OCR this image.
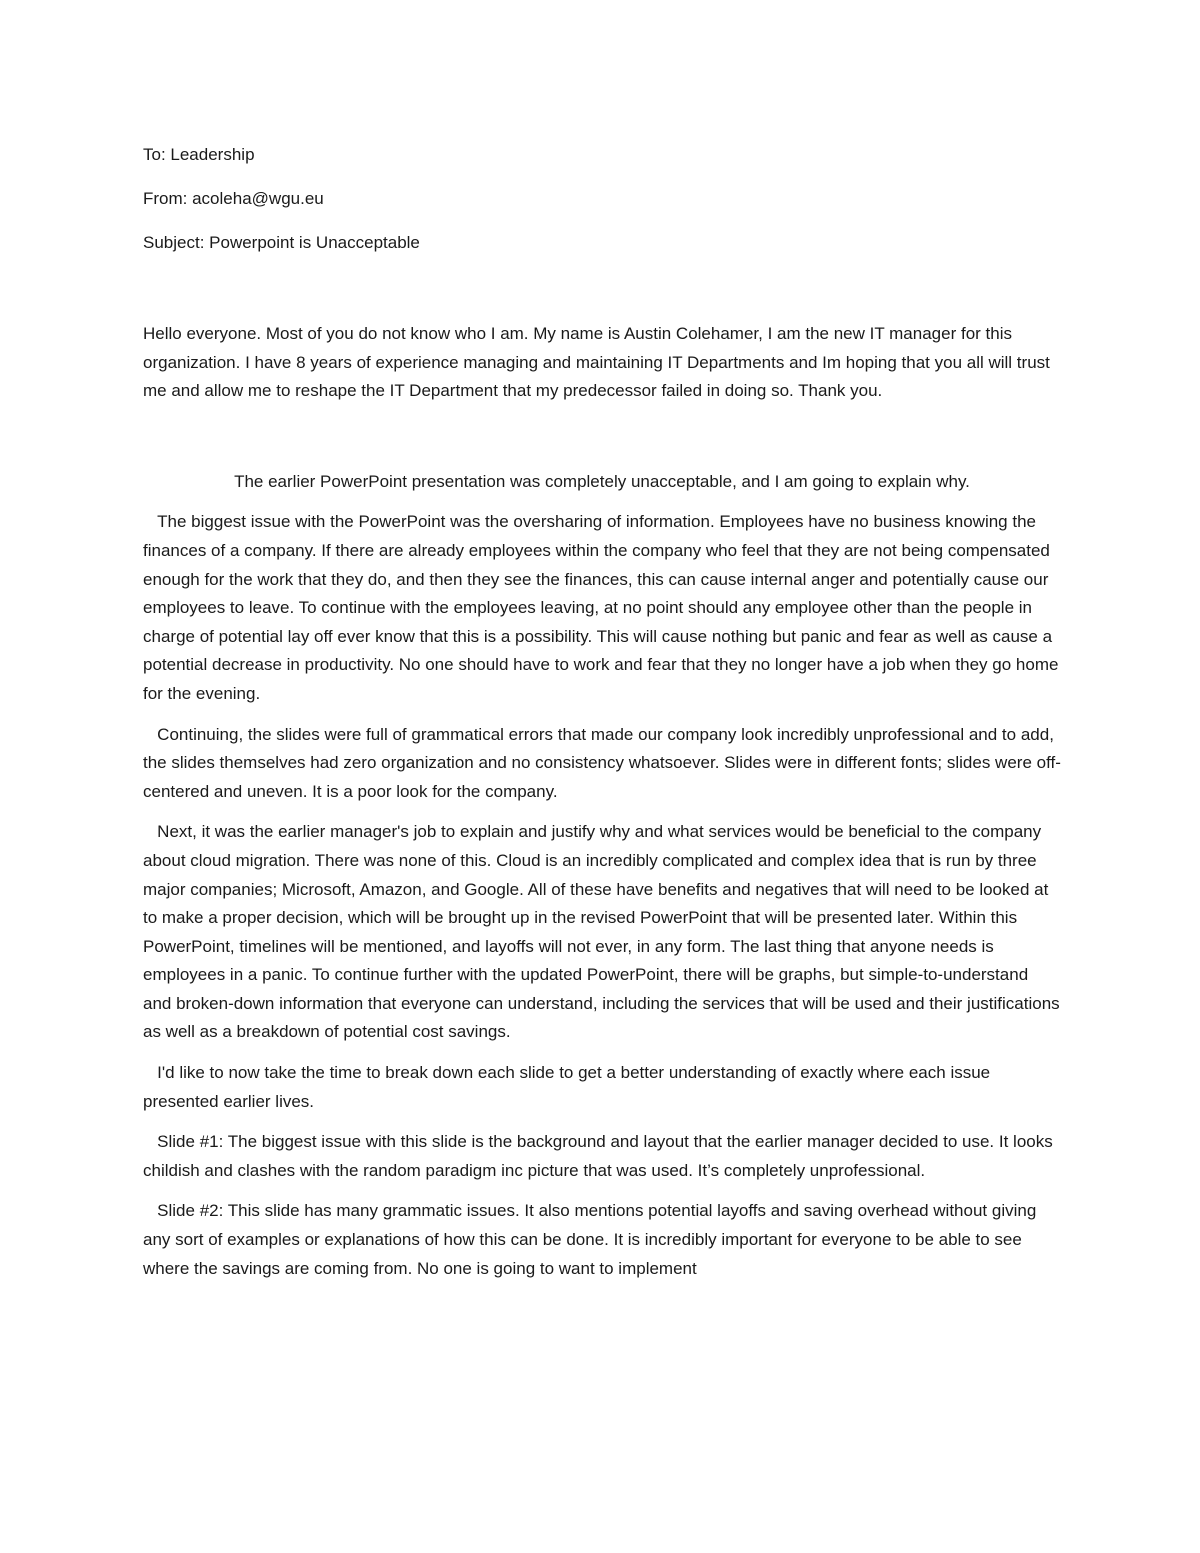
To: Leadership

From: acoleha@wgu.eu

Subject: Powerpoint is Unacceptable

Hello everyone. Most of you do not know who I am. My name is Austin Colehamer, I am the new IT manager for this organization. I have 8 years of experience managing and maintaining IT Departments and Im hoping that you all will trust me and allow me to reshape the IT Department that my predecessor failed in doing so. Thank you.

The earlier PowerPoint presentation was completely unacceptable, and I am going to explain why.

The biggest issue with the PowerPoint was the oversharing of information. Employees have no business knowing the finances of a company. If there are already employees within the company who feel that they are not being compensated enough for the work that they do, and then they see the finances, this can cause internal anger and potentially cause our employees to leave. To continue with the employees leaving, at no point should any employee other than the people in charge of potential lay off ever know that this is a possibility. This will cause nothing but panic and fear as well as cause a potential decrease in productivity. No one should have to work and fear that they no longer have a job when they go home for the evening.

Continuing, the slides were full of grammatical errors that made our company look incredibly unprofessional and to add, the slides themselves had zero organization and no consistency whatsoever. Slides were in different fonts; slides were off-centered and uneven. It is a poor look for the company.

Next, it was the earlier manager's job to explain and justify why and what services would be beneficial to the company about cloud migration. There was none of this. Cloud is an incredibly complicated and complex idea that is run by three major companies; Microsoft, Amazon, and Google. All of these have benefits and negatives that will need to be looked at to make a proper decision, which will be brought up in the revised PowerPoint that will be presented later. Within this PowerPoint, timelines will be mentioned, and layoffs will not ever, in any form. The last thing that anyone needs is employees in a panic. To continue further with the updated PowerPoint, there will be graphs, but simple-to-understand and broken-down information that everyone can understand, including the services that will be used and their justifications as well as a breakdown of potential cost savings.

I'd like to now take the time to break down each slide to get a better understanding of exactly where each issue presented earlier lives.

Slide #1: The biggest issue with this slide is the background and layout that the earlier manager decided to use. It looks childish and clashes with the random paradigm inc picture that was used. It’s completely unprofessional.

Slide #2: This slide has many grammatic issues. It also mentions potential layoffs and saving overhead without giving any sort of examples or explanations of how this can be done. It is incredibly important for everyone to be able to see where the savings are coming from. No one is going to want to implement
